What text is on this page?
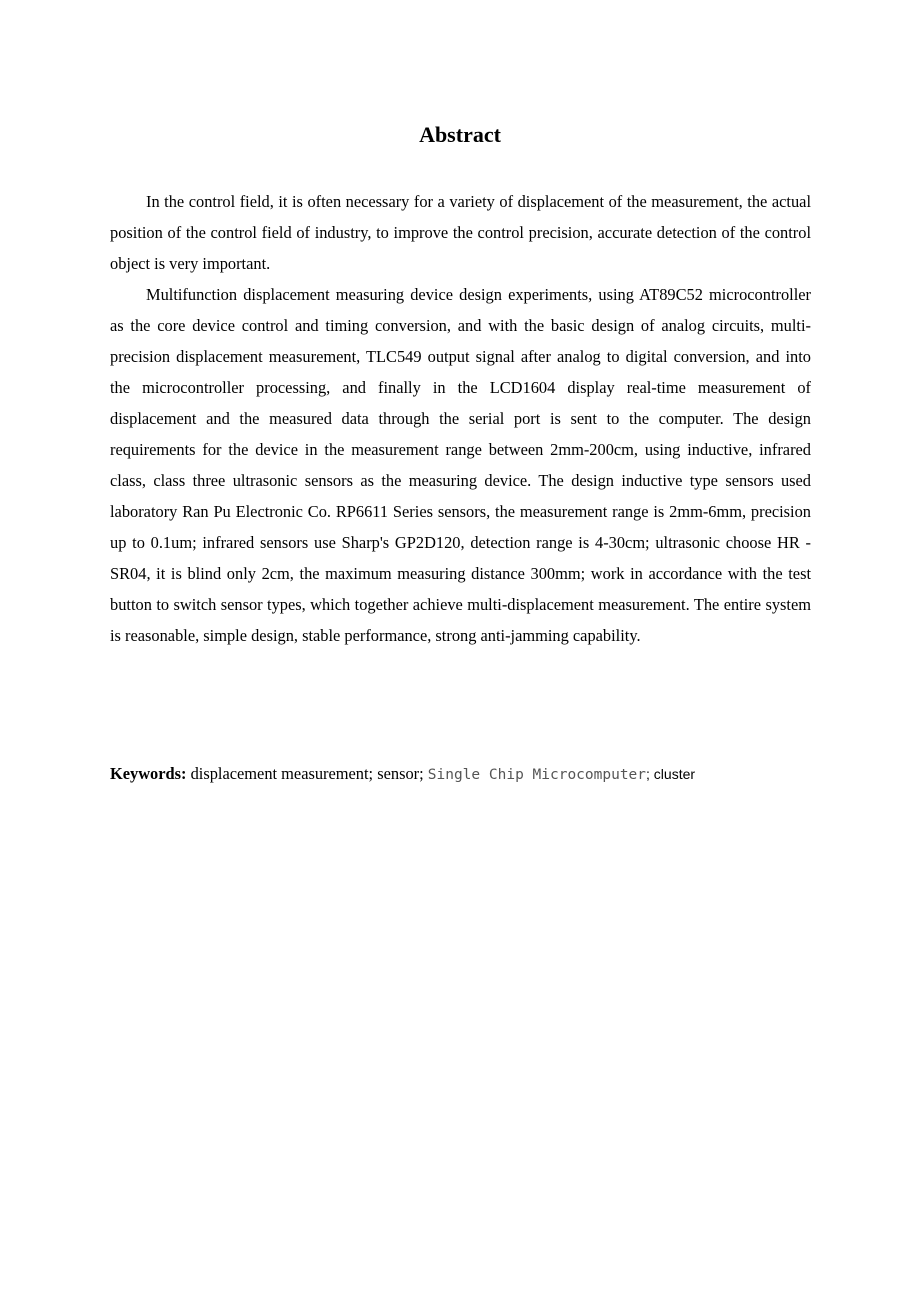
Abstract

In the control field, it is often necessary for a variety of displacement of the measurement, the actual position of the control field of industry, to improve the control precision, accurate detection of the control object is very important.

Multifunction displacement measuring device design experiments, using AT89C52 microcontroller as the core device control and timing conversion, and with the basic design of analog circuits, multi-precision displacement measurement, TLC549 output signal after analog to digital conversion, and into the microcontroller processing, and finally in the LCD1604 display real-time measurement of displacement and the measured data through the serial port is sent to the computer. The design requirements for the device in the measurement range between 2mm-200cm, using inductive, infrared class, class three ultrasonic sensors as the measuring device. The design inductive type sensors used laboratory Ran Pu Electronic Co. RP6611 Series sensors, the measurement range is 2mm-6mm, precision up to 0.1um; infrared sensors use Sharp's GP2D120, detection range is 4-30cm; ultrasonic choose HR -SR04, it is blind only 2cm, the maximum measuring distance 300mm; work in accordance with the test button to switch sensor types, which together achieve multi-displacement measurement. The entire system is reasonable, simple design, stable performance, strong anti-jamming capability.

Keywords: displacement measurement; sensor; Single Chip Microcomputer; cluster
